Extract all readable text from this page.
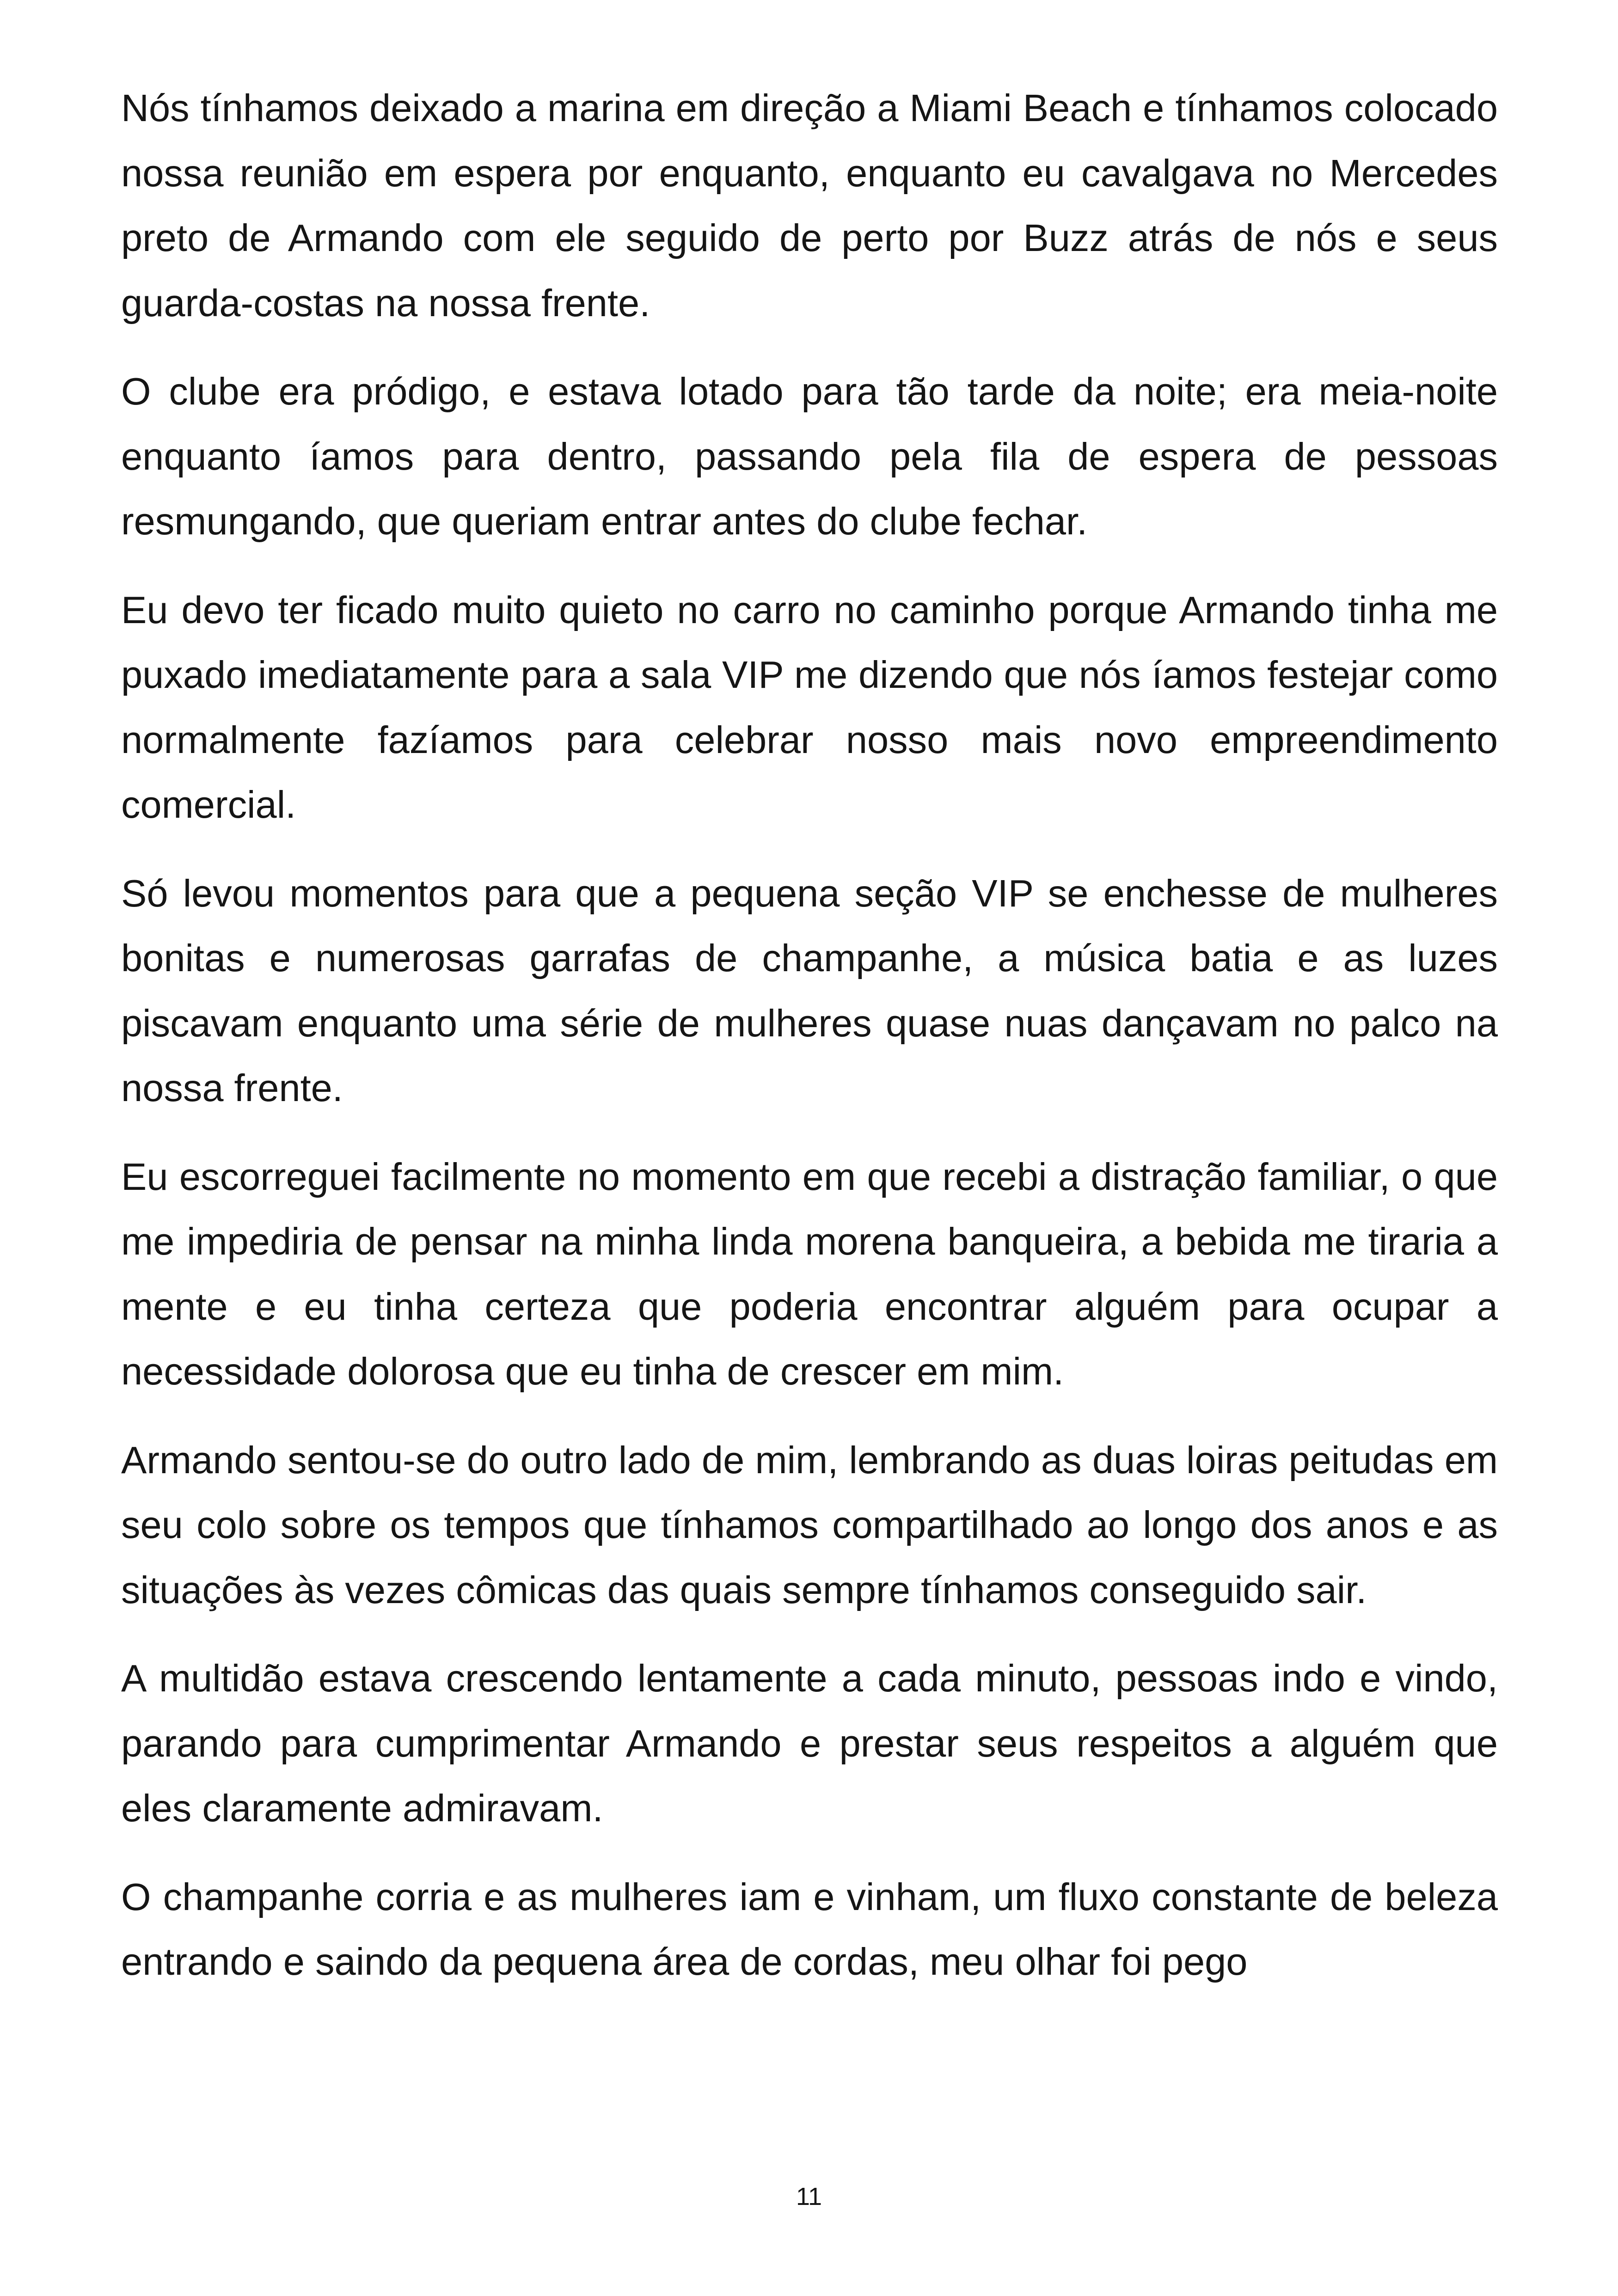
Nós tínhamos deixado a marina em direção a Miami Beach e tínhamos colocado nossa reunião em espera por enquanto, enquanto eu cavalgava no Mercedes preto de Armando com ele seguido de perto por Buzz atrás de nós e seus guarda-costas na nossa frente.

O clube era pródigo, e estava lotado para tão tarde da noite; era meia-noite enquanto íamos para dentro, passando pela fila de espera de pessoas resmungando, que queriam entrar antes do clube fechar.

Eu devo ter ficado muito quieto no carro no caminho porque Armando tinha me puxado imediatamente para a sala VIP me dizendo que nós íamos festejar como normalmente fazíamos para celebrar nosso mais novo empreendimento comercial.

Só levou momentos para que a pequena seção VIP se enchesse de mulheres bonitas e numerosas garrafas de champanhe, a música batia e as luzes piscavam enquanto uma série de mulheres quase nuas dançavam no palco na nossa frente.

Eu escorreguei facilmente no momento em que recebi a distração familiar, o que me impediria de pensar na minha linda morena banqueira, a bebida me tiraria a mente e eu tinha certeza que poderia encontrar alguém para ocupar a necessidade dolorosa que eu tinha de crescer em mim.

Armando sentou-se do outro lado de mim, lembrando as duas loiras peitudas em seu colo sobre os tempos que tínhamos compartilhado ao longo dos anos e as situações às vezes cômicas das quais sempre tínhamos conseguido sair.

A multidão estava crescendo lentamente a cada minuto, pessoas indo e vindo, parando para cumprimentar Armando e prestar seus respeitos a alguém que eles claramente admiravam.

O champanhe corria e as mulheres iam e vinham, um fluxo constante de beleza entrando e saindo da pequena área de cordas, meu olhar foi pego

11
